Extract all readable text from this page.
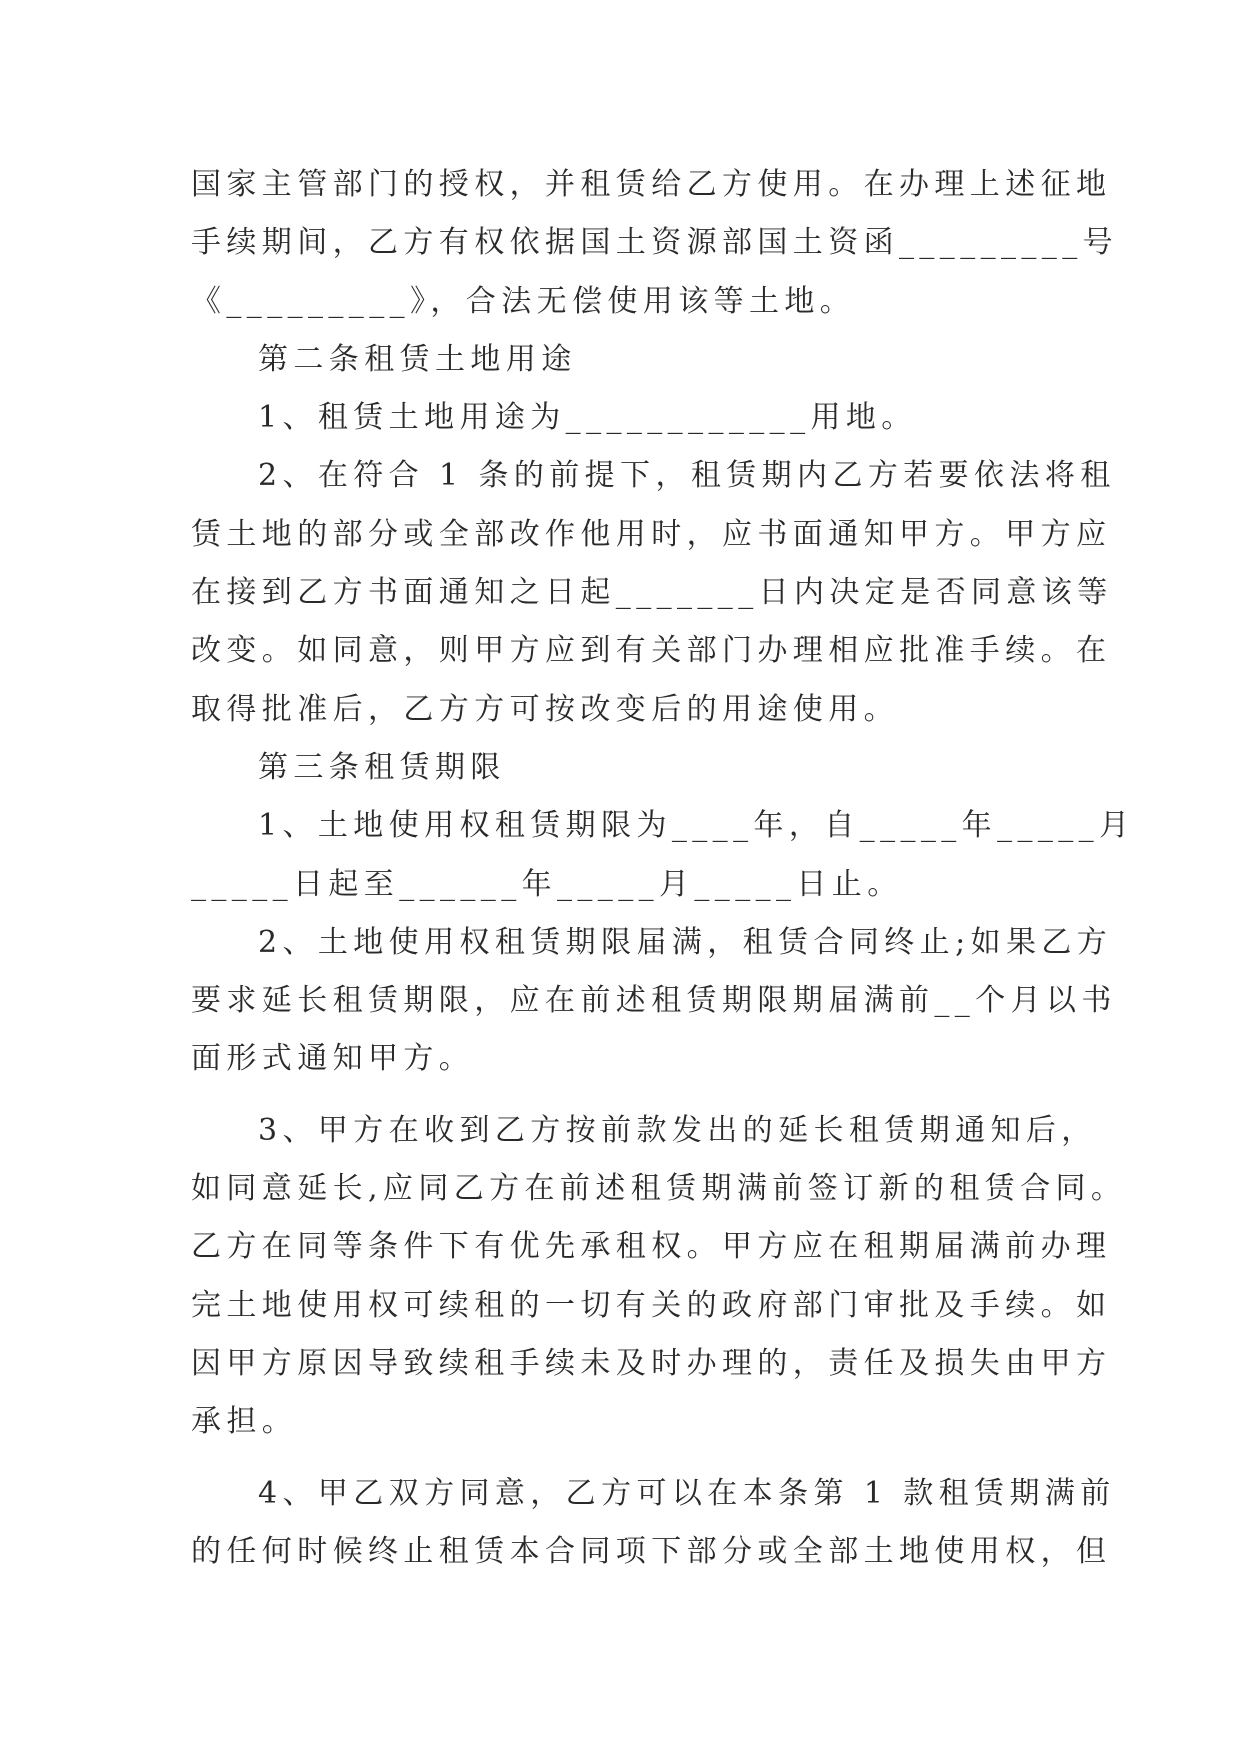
国家主管部门的授权，并租赁给乙方使用。在办理上述征地
手续期间，乙方有权依据国土资源部国土资函_________号
《_________》，合法无偿使用该等土地。
第二条租赁土地用途
1、租赁土地用途为____________用地。
2、在符合 1 条的前提下，租赁期内乙方若要依法将租
赁土地的部分或全部改作他用时，应书面通知甲方。甲方应
在接到乙方书面通知之日起_______日内决定是否同意该等
改变。如同意，则甲方应到有关部门办理相应批准手续。在
取得批准后，乙方方可按改变后的用途使用。
第三条租赁期限
1、土地使用权租赁期限为____年，自_____年_____月
_____日起至______年_____月_____日止。
2、土地使用权租赁期限届满，租赁合同终止;如果乙方
要求延长租赁期限，应在前述租赁期限期届满前__个月以书
面形式通知甲方。
3、甲方在收到乙方按前款发出的延长租赁期通知后，
如同意延长,应同乙方在前述租赁期满前签订新的租赁合同。
乙方在同等条件下有优先承租权。甲方应在租期届满前办理
完土地使用权可续租的一切有关的政府部门审批及手续。如
因甲方原因导致续租手续未及时办理的，责任及损失由甲方
承担。
4、甲乙双方同意，乙方可以在本条第 1 款租赁期满前
的任何时候终止租赁本合同项下部分或全部土地使用权，但
